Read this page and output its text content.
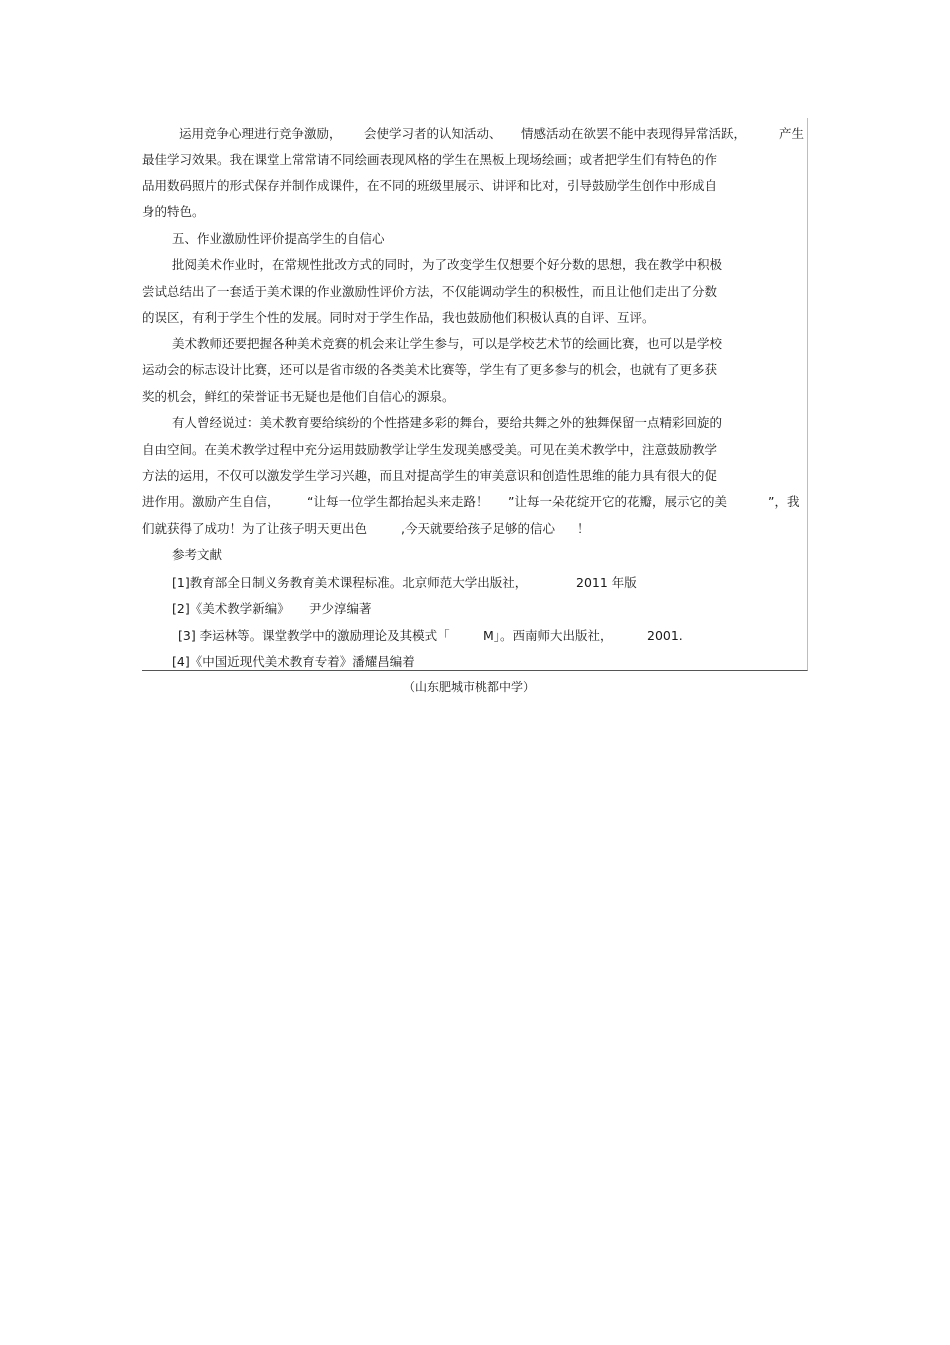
运用竞争心理进行竞争激励， 会使学习者的认知活动、 情感活动在欲罢不能中表现得异常活跃，	产生
最佳学习效果。我在课堂上常常请不同绘画表现风格的学生在黑板上现场绘画；或者把学生们有特色的作
品用数码照片的形式保存并制作成课件，在不同的班级里展示、讲评和比对，引导鼓励学生创作中形成自
身的特色。
五、作业激励性评价提高学生的自信心
批阅美术作业时，在常规性批改方式的同时，为了改变学生仅想要个好分数的思想，我在教学中积极
尝试总结出了一套适于美术课的作业激励性评价方法，不仅能调动学生的积极性，而且让他们走出了分数
的误区，有利于学生个性的发展。同时对于学生作品，我也鼓励他们积极认真的自评、互评。
美术教师还要把握各种美术竞赛的机会来让学生参与，可以是学校艺术节的绘画比赛，也可以是学校
运动会的标志设计比赛，还可以是省市级的各类美术比赛等，学生有了更多参与的机会，也就有了更多获
奖的机会，鲜红的荣誉证书无疑也是他们自信心的源泉。
有人曾经说过：美术教育要给缤纷的个性搭建多彩的舞台，要给共舞之外的独舞保留一点精彩回旋的
自由空间。在美术教学过程中充分运用鼓励教学让学生发现美感受美。可见在美术教学中，注意鼓励教学
方法的运用，不仅可以激发学生学习兴趣，而且对提高学生的审美意识和创造性思维的能力具有很大的促
进作用。激励产生自信， “让每一位学生都抬起头来走路！ ”让每一朵花绽开它的花瓣，展示它的美	”，我
们就获得了成功！为了让孩子明天更出色	,今天就要给孩子足够的信心 ！
参考文献
[1]教育部全日制义务教育美术课程标准。北京师范大学出版社，	2011 年版
[2]《美术教学新编》 尹少淳编著
[3] 李运林等。课堂教学中的激励理论及其模式「	M」。西南师大出版社，	2001.
[4]《中国近现代美术教育专着》潘耀昌编着
（山东肥城市桃都中学）
